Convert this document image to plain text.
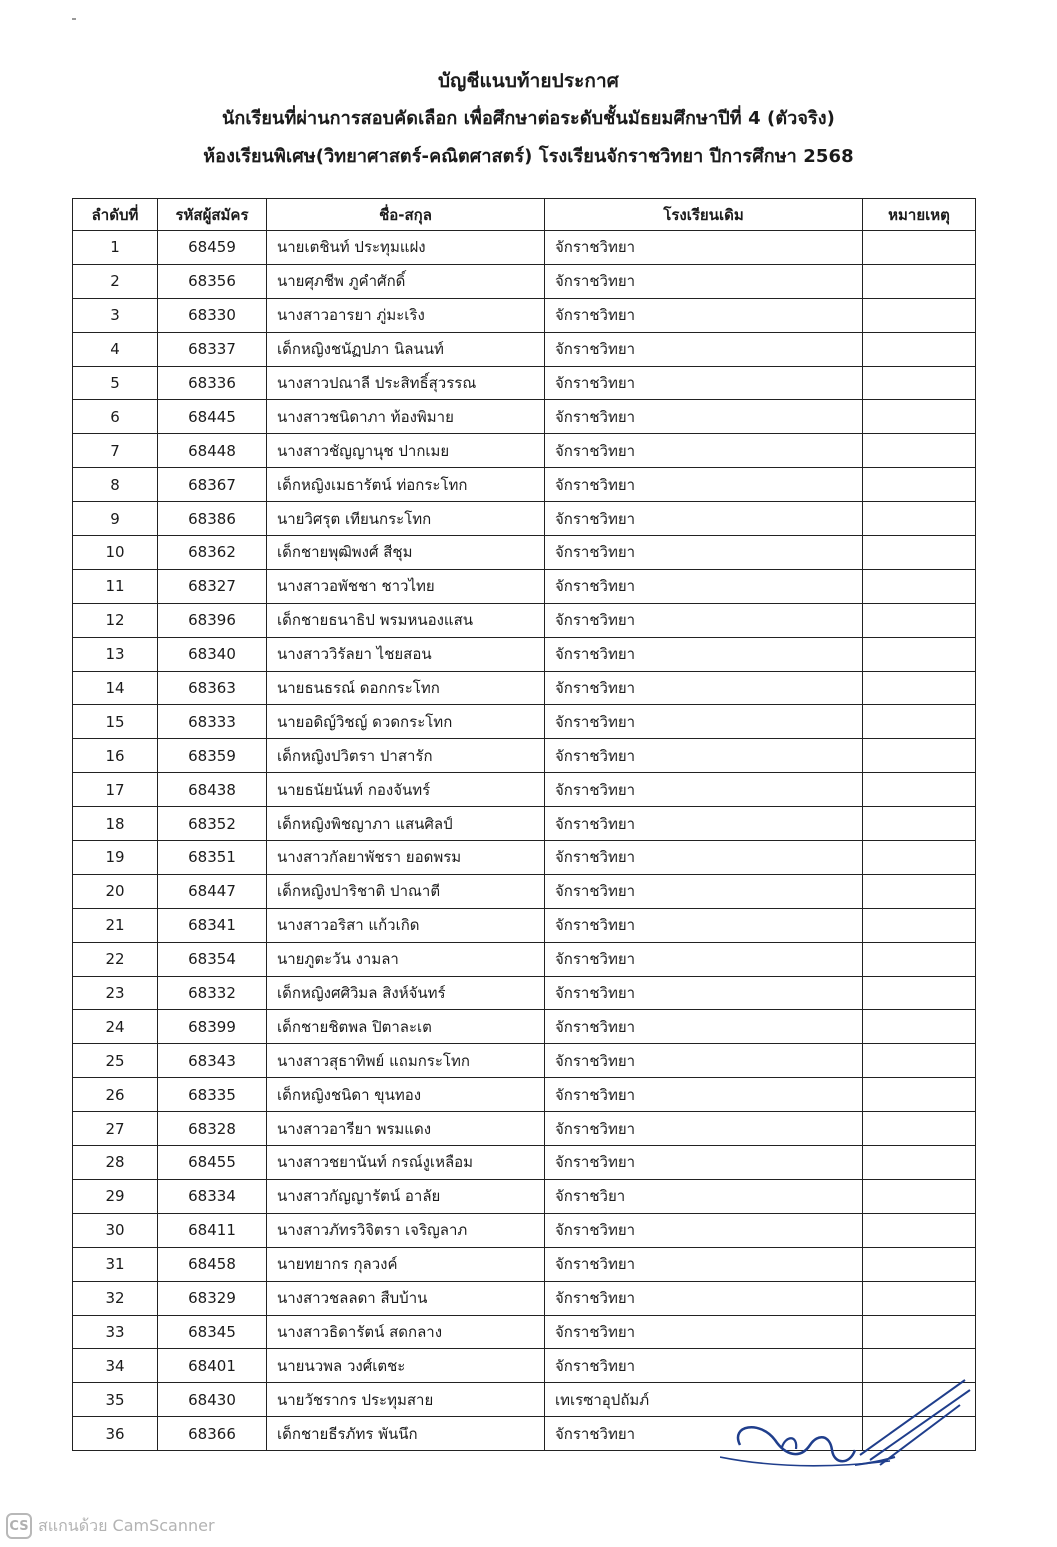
บัญชีแนบท้ายประกาศ
นักเรียนที่ผ่านการสอบคัดเลือก เพื่อศึกษาต่อระดับชั้นมัธยมศึกษาปีที่ 4 (ตัวจริง)
ห้องเรียนพิเศษ(วิทยาศาสตร์-คณิตศาสตร์) โรงเรียนจักราชวิทยา ปีการศึกษา 2568
ลำดับที่	รหัสผู้สมัคร	ชื่อ-สกุล	โรงเรียนเดิม	หมายเหตุ
1	68459	นายเตชินท์ ประทุมแฝง	จักราชวิทยา	
2	68356	นายศุภชีพ ภูคำศักดิ์	จักราชวิทยา	
3	68330	นางสาวอารยา ภู่มะเริง	จักราชวิทยา	
4	68337	เด็กหญิงชนัฏปภา นิลนนท์	จักราชวิทยา	
5	68336	นางสาวปณาลี ประสิทธิ์สุวรรณ	จักราชวิทยา	
6	68445	นางสาวชนิดาภา ท้องพิมาย	จักราชวิทยา	
7	68448	นางสาวชัญญานุช ปากเมย	จักราชวิทยา	
8	68367	เด็กหญิงเมธารัตน์ ท่อกระโทก	จักราชวิทยา	
9	68386	นายวิศรุต เทียนกระโทก	จักราชวิทยา	
10	68362	เด็กชายพุฒิพงศ์ สีชุม	จักราชวิทยา	
11	68327	นางสาวอพัชชา ชาวไทย	จักราชวิทยา	
12	68396	เด็กชายธนาธิป พรมหนองแสน	จักราชวิทยา	
13	68340	นางสาววิรัลยา ไชยสอน	จักราชวิทยา	
14	68363	นายธนธรณ์ ดอกกระโทก	จักราชวิทยา	
15	68333	นายอดิญ์วิชญ์ ดวดกระโทก	จักราชวิทยา	
16	68359	เด็กหญิงปวิตรา ปาสารัก	จักราชวิทยา	
17	68438	นายธนัยนันท์ กองจันทร์	จักราชวิทยา	
18	68352	เด็กหญิงพิชญาภา แสนศิลป์	จักราชวิทยา	
19	68351	นางสาวกัลยาพัชรา ยอดพรม	จักราชวิทยา	
20	68447	เด็กหญิงปาริชาติ ปาณาตี	จักราชวิทยา	
21	68341	นางสาวอริสา แก้วเกิด	จักราชวิทยา	
22	68354	นายภูตะวัน งามลา	จักราชวิทยา	
23	68332	เด็กหญิงศศิวิมล สิงห์จันทร์	จักราชวิทยา	
24	68399	เด็กชายชิตพล ปิตาละเต	จักราชวิทยา	
25	68343	นางสาวสุธาทิพย์ แถมกระโทก	จักราชวิทยา	
26	68335	เด็กหญิงชนิดา ขุนทอง	จักราชวิทยา	
27	68328	นางสาวอารียา พรมแดง	จักราชวิทยา	
28	68455	นางสาวชยานันท์ กรณ์งูเหลือม	จักราชวิทยา	
29	68334	นางสาวกัญญารัตน์ อาลัย	จักราชวิยา	
30	68411	นางสาวภัทรวิจิตรา เจริญลาภ	จักราชวิทยา	
31	68458	นายทยากร กุลวงค์	จักราชวิทยา	
32	68329	นางสาวชลลดา สืบบ้าน	จักราชวิทยา	
33	68345	นางสาวธิดารัตน์ สดกลาง	จักราชวิทยา	
34	68401	นายนวพล วงศ์เตชะ	จักราชวิทยา	
35	68430	นายวัชรากร ประทุมสาย	เทเรซาอุปถัมภ์	
36	68366	เด็กชายธีรภัทร พันนึก	จักราชวิทยา	
CS สแกนด้วย CamScanner
